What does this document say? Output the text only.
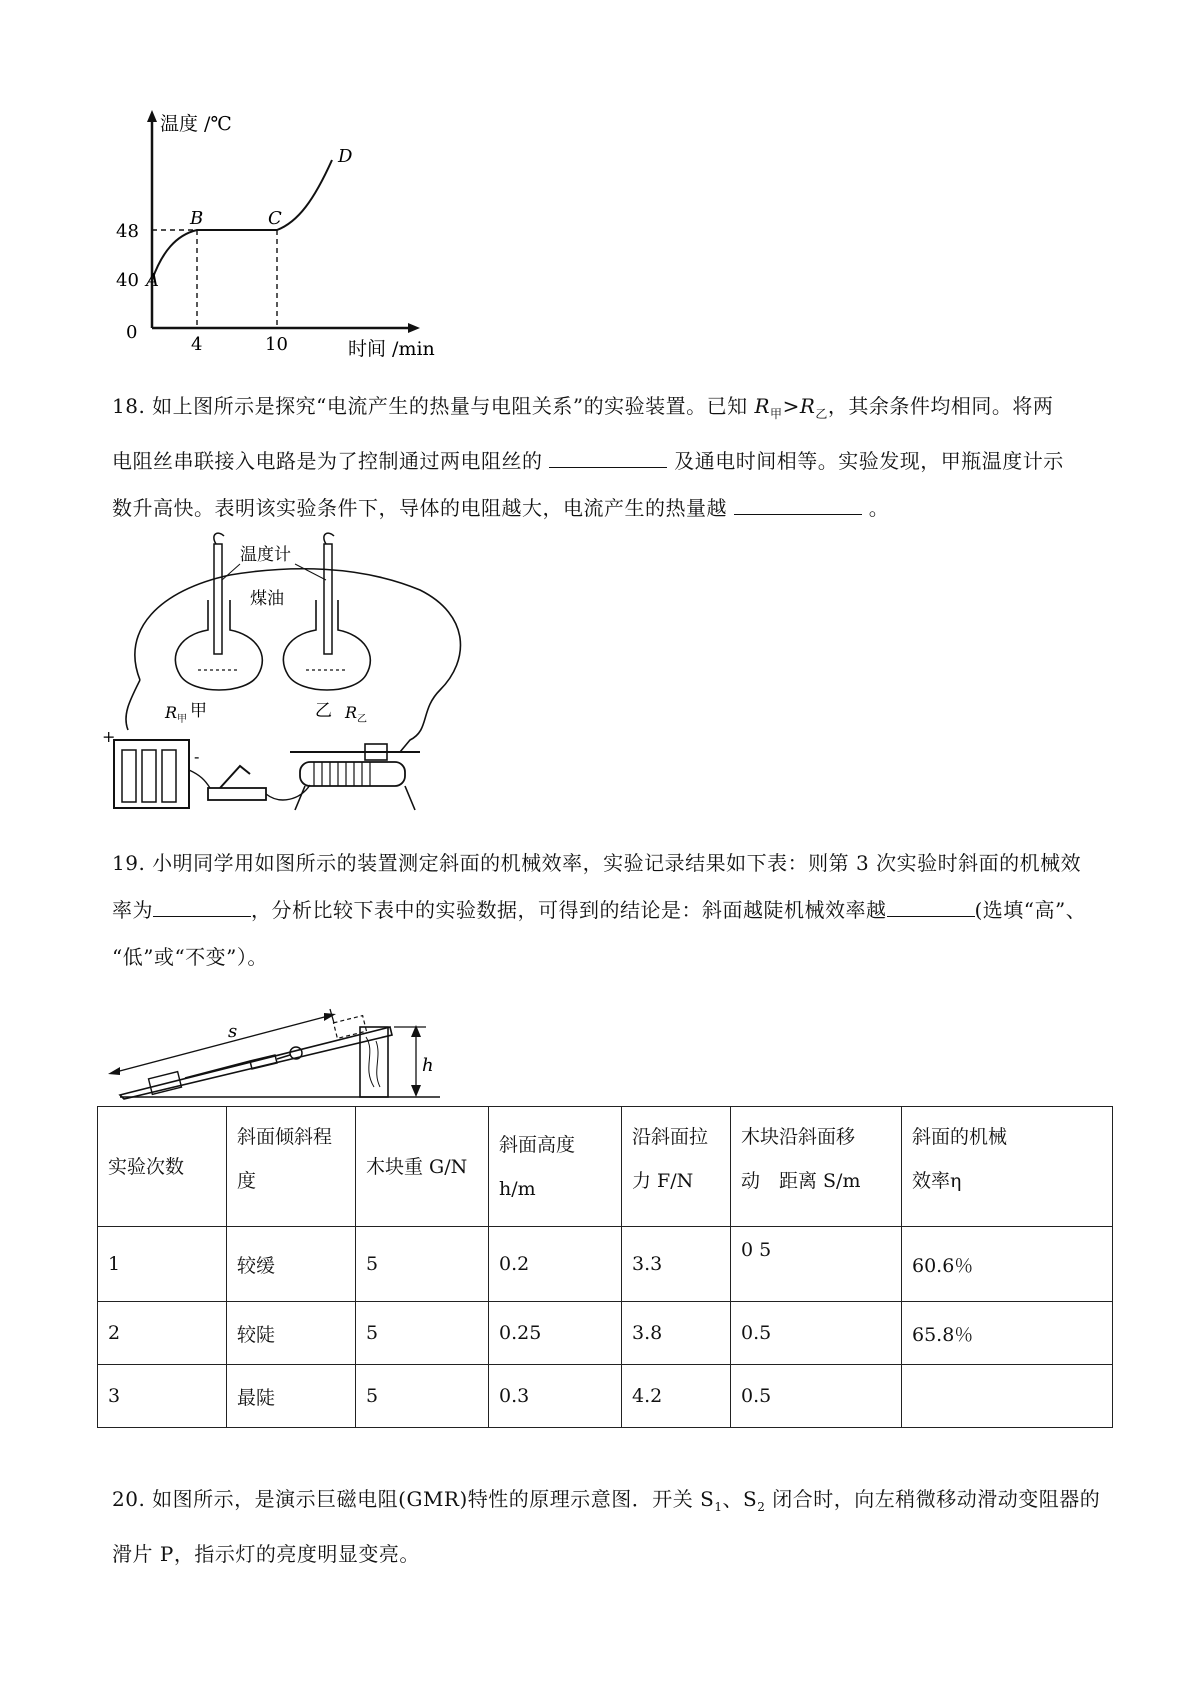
温度 /℃
时间 /min
0
48
40
4	10
A
B	C
D
18. 如上图所示是探究“电流产生的热量与电阻关系”的实验装置。已知 $R_甲>R_乙$，其余条件均相同。将两
电阻丝串联接入电路是为了控制通过两电阻丝的	及通电时间相等。实验发现，甲瓶温度计示
数升高快。表明该实验条件下，导体的电阻越大，电流产生的热量越	。
温度计
煤油
$R_甲$ 甲	乙 $R_乙$
+
-
19. 小明同学用如图所示的装置测定斜面的机械效率，实验记录结果如下表：则第 3 次实验时斜面的机械效
率为	，分析比较下表中的实验数据，可得到的结论是：斜面越陡机械效率越	(选填“高”、
“低”或“不变”）。
s
h
实验次数	斜面倾斜程
度	木块重 G/N	斜面高度 h/m	沿斜面拉
力 F/N	木块沿斜面移
动　距离 S/m	斜面的机械
效率η
1	较缓	5	0.2	3.3	0 5	60.6％
2	较陡	5	0.25	3.8	0.5	65.8％
3	最陡	5	0.3	4.2	0.5	
20. 如图所示，是演示巨磁电阻(GMR)特性的原理示意图．开关 $S_1$、$S_2$ 闭合时，向左稍微移动滑动变阻器的
滑片 P，指示灯的亮度明显变亮。
